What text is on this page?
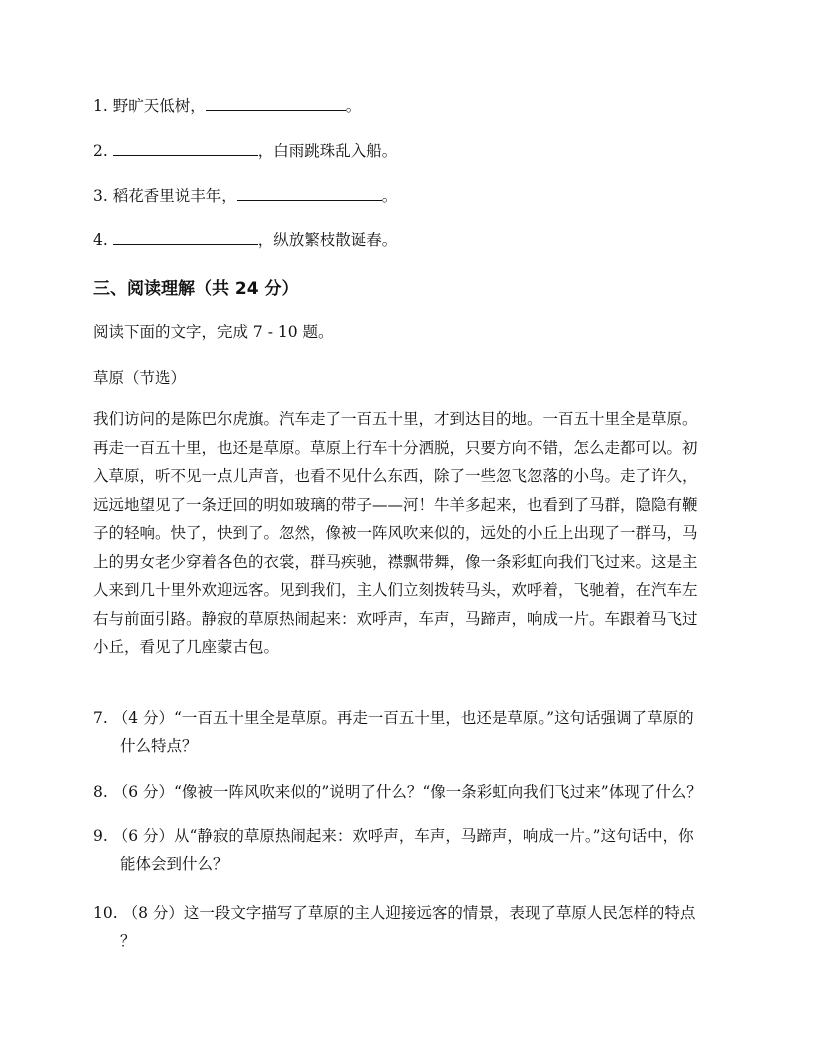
1. 野旷天低树，	。
2.	，白雨跳珠乱入船。
3. 稻花香里说丰年，	。
4.	，纵放繁枝散诞春。
三、阅读理解（共 24 分）
阅读下面的文字，完成 7 - 10 题。
草原（节选）

我们访问的是陈巴尔虎旗。汽车走了一百五十里，才到达目的地。一百五十里全是草原。

再走一百五十里，也还是草原。草原上行车十分洒脱，只要方向不错，怎么走都可以。初

入草原，听不见一点儿声音，也看不见什么东西，除了一些忽飞忽落的小鸟。走了许久，

远远地望见了一条迂回的明如玻璃的带子——河！牛羊多起来，也看到了马群，隐隐有鞭

子的轻响。快了，快到了。忽然，像被一阵风吹来似的，远处的小丘上出现了一群马，马

上的男女老少穿着各色的衣裳，群马疾驰，襟飘带舞，像一条彩虹向我们飞过来。这是主

人来到几十里外欢迎远客。见到我们，主人们立刻拨转马头，欢呼着，飞驰着，在汽车左

右与前面引路。静寂的草原热闹起来：欢呼声，车声，马蹄声，响成一片。车跟着马飞过

小丘，看见了几座蒙古包。

7. （4 分）“一百五十里全是草原。再走一百五十里，也还是草原。”这句话强调了草原的
什么特点？
8. （6 分）“像被一阵风吹来似的”说明了什么？“像一条彩虹向我们飞过来”体现了什么？
9. （6 分）从“静寂的草原热闹起来：欢呼声，车声，马蹄声，响成一片。”这句话中，你
能体会到什么？
10. （8 分）这一段文字描写了草原的主人迎接远客的情景，表现了草原人民怎样的特点
？
